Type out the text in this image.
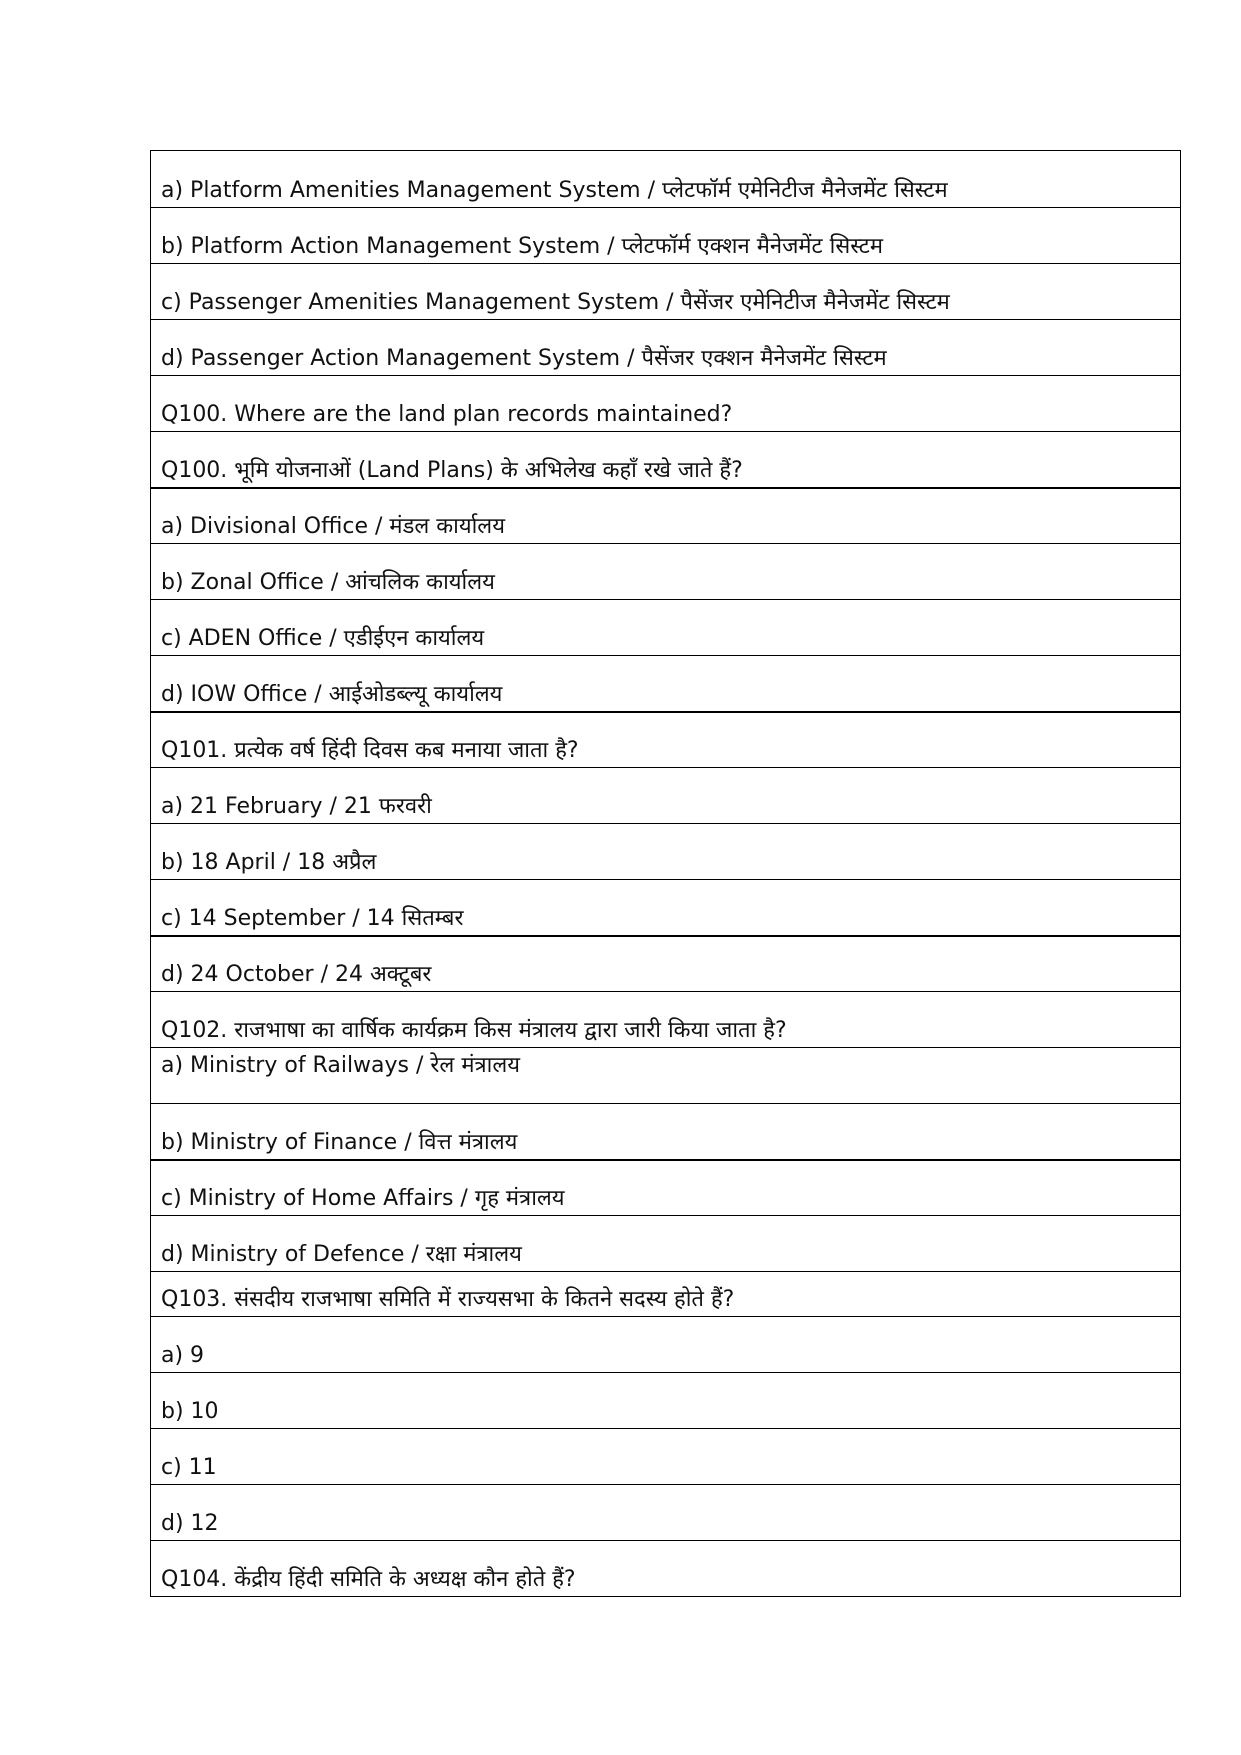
a) Platform Amenities Management System / प्लेटफॉर्म एमेनिटीज मैनेजमेंट सिस्टम
b) Platform Action Management System / प्लेटफॉर्म एक्शन मैनेजमेंट सिस्टम
c) Passenger Amenities Management System / पैसेंजर एमेनिटीज मैनेजमेंट सिस्टम
d) Passenger Action Management System / पैसेंजर एक्शन मैनेजमेंट सिस्टम
Q100. Where are the land plan records maintained?
Q100. भूमि योजनाओं (Land Plans) के अभिलेख कहाँ रखे जाते हैं?
a) Divisional Office / मंडल कार्यालय
b) Zonal Office / आंचलिक कार्यालय
c) ADEN Office / एडीईएन कार्यालय
d) IOW Office / आईओडब्ल्यू कार्यालय
Q101. प्रत्येक वर्ष हिंदी दिवस कब मनाया जाता है?
a) 21 February / 21 फरवरी
b) 18 April / 18 अप्रैल
c) 14 September / 14 सितम्बर
d) 24 October / 24 अक्टूबर
Q102. राजभाषा का वार्षिक कार्यक्रम किस मंत्रालय द्वारा जारी किया जाता है?
a) Ministry of Railways / रेल मंत्रालय
b) Ministry of Finance / वित्त मंत्रालय
c) Ministry of Home Affairs / गृह मंत्रालय
d) Ministry of Defence / रक्षा मंत्रालय
Q103. संसदीय राजभाषा समिति में राज्यसभा के कितने सदस्य होते हैं?
a) 9
b) 10
c) 11
d) 12
Q104. केंद्रीय हिंदी समिति के अध्यक्ष कौन होते हैं?
